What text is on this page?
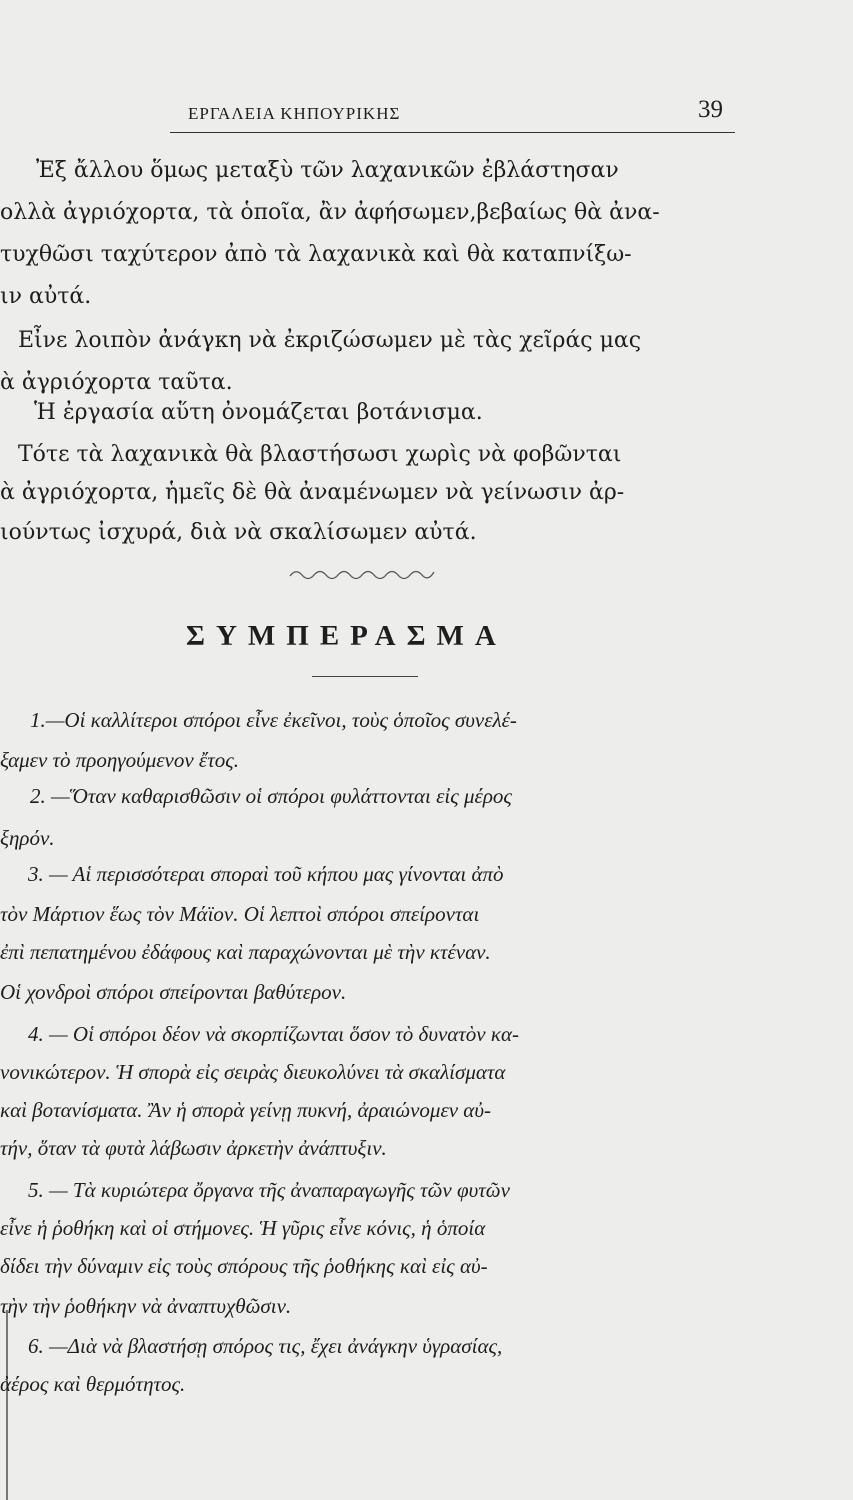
ΕΡΓΑΛΕΙΑ ΚΗΠΟΥΡΙΚΗΣ	39
Ἐξ ἄλλου ὅμως μεταξὺ τῶν λαχανικῶν ἐβλάστησαν
ολλὰ ἀγριόχορτα, τὰ ὁποῖα, ἂν ἀφήσωμεν,βεβαίως θὰ ἀνα-
τυχθῶσι ταχύτερον ἀπὸ τὰ λαχανικὰ καὶ θὰ καταπνίξω-
ιν αὐτά.
Εἶνε λοιπὸν ἀνάγκη νὰ ἐκριζώσωμεν μὲ τὰς χεῖράς μας
ὰ ἀγριόχορτα ταῦτα.
Ἡ ἐργασία αὕτη ὀνομάζεται βοτάνισμα.
Τότε τὰ λαχανικὰ θὰ βλαστήσωσι χωρὶς νὰ φοβῶνται
ὰ ἀγριόχορτα, ἡμεῖς δὲ θὰ ἀναμένωμεν νὰ γείνωσιν ἀρ-
ιούντως ἰσχυρά, διὰ νὰ σκαλίσωμεν αὐτά.
ΣΥΜΠΕΡΑΣΜΑ
1.—Οἱ καλλίτεροι σπόροι εἶνε ἐκεῖνοι, τοὺς ὁποῖος συνελέ-
ξαμεν τὸ προηγούμενον ἔτος.
2. —Ὅταν καθαρισθῶσιν οἱ σπόροι φυλάττονται εἰς μέρος
ξηρόν.
3. — Αἱ περισσότεραι σποραὶ τοῦ κήπου μας γίνονται ἀπὸ
τὸν Μάρτιον ἕως τὸν Μάϊον. Οἱ λεπτοὶ σπόροι σπείρονται
ἐπὶ πεπατημένου ἐδάφους καὶ παραχώνονται μὲ τὴν κτέναν.
Οἱ χονδροὶ σπόροι σπείρονται βαθύτερον.
4. — Οἱ σπόροι δέον νὰ σκορπίζωνται ὅσον τὸ δυνατὸν κα-
νονικώτερον. Ἡ σπορὰ εἰς σειρὰς διευκολύνει τὰ σκαλίσματα
καὶ βοτανίσματα. Ἂν ἡ σπορὰ γείνῃ πυκνή, ἀραιώνομεν αὐ-
τήν, ὅταν τὰ φυτὰ λάβωσιν ἀρκετὴν ἀνάπτυξιν.
5. — Τὰ κυριώτερα ὄργανα τῆς ἀναπαραγωγῆς τῶν φυτῶν
εἶνε ἡ ῥοθήκη καὶ οἱ στήμονες. Ἡ γῦρις εἶνε κόνις, ἡ ὁποία
δίδει τὴν δύναμιν εἰς τοὺς σπόρους τῆς ῥοθήκης καὶ εἰς αὐ-
τὴν τὴν ῥοθήκην νὰ ἀναπτυχθῶσιν.
6. —Διὰ νὰ βλαστήσῃ σπόρος τις, ἔχει ἀνάγκην ὑγρασίας,
ἀέρος καὶ θερμότητος.
